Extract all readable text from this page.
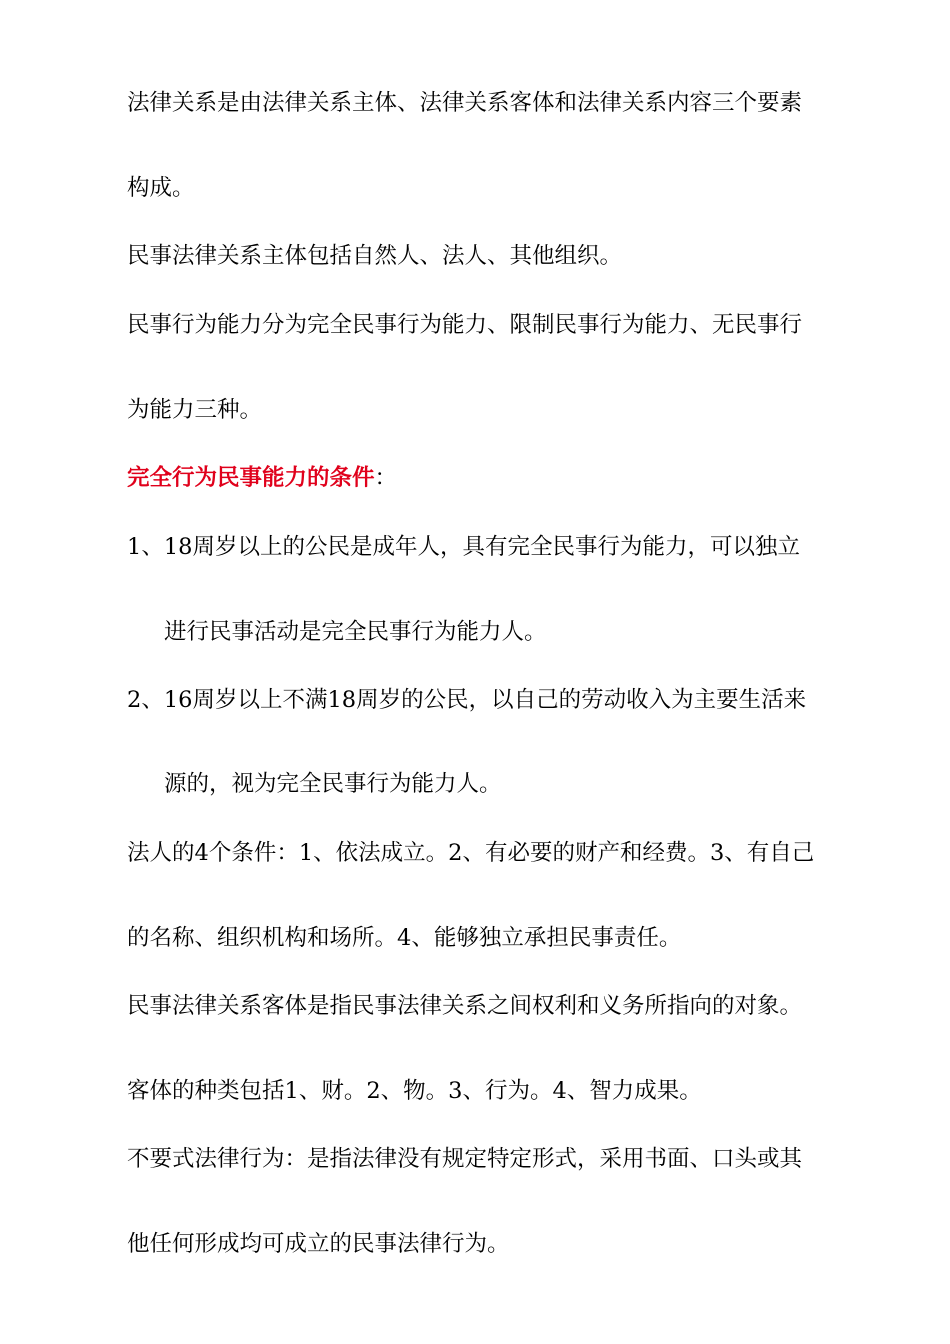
法律关系是由法律关系主体、法律关系客体和法律关系内容三个要素
构成。
民事法律关系主体包括自然人、法人、其他组织。
民事行为能力分为完全民事行为能力、限制民事行为能力、无民事行
为能力三种。
完全行为民事能力的条件：
1、18周岁以上的公民是成年人，具有完全民事行为能力，可以独立
进行民事活动是完全民事行为能力人。
2、16周岁以上不满18周岁的公民，以自己的劳动收入为主要生活来
源的，视为完全民事行为能力人。
法人的4个条件：1、依法成立。2、有必要的财产和经费。3、有自己
的名称、组织机构和场所。4、能够独立承担民事责任。
民事法律关系客体是指民事法律关系之间权利和义务所指向的对象。
客体的种类包括1、财。2、物。3、行为。4、智力成果。
不要式法律行为：是指法律没有规定特定形式，采用书面、口头或其
他任何形成均可成立的民事法律行为。
